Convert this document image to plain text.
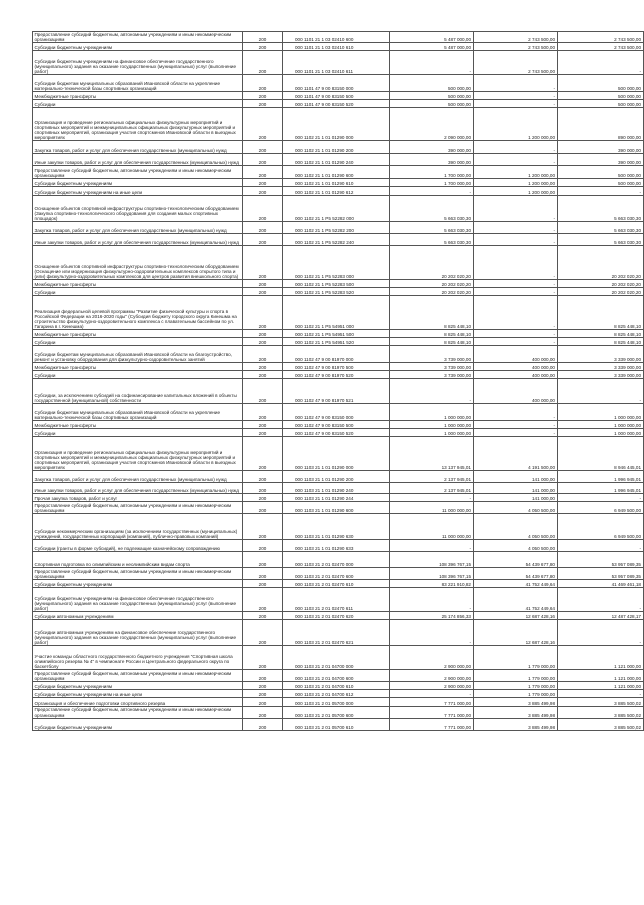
Предоставление субсидий бюджетным, автономным учреждениям и иным некоммерческим организациям	200	000 1101 21 1 03 02410 600	5 487 000,00	2 743 500,00	2 743 500,00
Субсидии бюджетным учреждениям	200	000 1101 21 1 03 02410 610	5 487 000,00	2 743 500,00	2 743 500,00
Субсидии бюджетным учреждениям на финансовое обеспечение государственного (муниципального) задания на оказание государственных (муниципальных) услуг (выполнение работ)	200	000 1101 21 1 03 02410 611	-	2 743 500,00	-
Субсидии бюджетам муниципальных образований Ивановской области на укрепление материально-технической базы спортивных организаций	200	000 1101 47 9 00 83150 000	500 000,00	-	500 000,00
Межбюджетные трансферты	200	000 1101 47 9 00 83150 500	500 000,00	-	500 000,00
Субсидии	200	000 1101 47 9 00 83150 520	500 000,00	-	500 000,00
Организация и проведение региональных официальных физкультурных мероприятий и спортивных мероприятий и межмуниципальных официальных физкультурных мероприятий и спортивных мероприятий, организация участия спортсменов Ивановской области в выездных мероприятиях	200	000 1102 21 1 01 01290 000	2 090 000,00	1 200 000,00	890 000,00
Закупка товаров, работ и услуг для обеспечения государственных (муниципальных) нужд	200	000 1102 21 1 01 01290 200	390 000,00	-	390 000,00
Иные закупки товаров, работ и услуг для обеспечения государственных (муниципальных) нужд	200	000 1102 21 1 01 01290 240	390 000,00	-	390 000,00
Предоставление субсидий бюджетным, автономным учреждениям и иным некоммерческим организациям	200	000 1102 21 1 01 01290 600	1 700 000,00	1 200 000,00	500 000,00
Субсидии бюджетным учреждениям	200	000 1102 21 1 01 01290 610	1 700 000,00	1 200 000,00	500 000,00
Субсидии бюджетным учреждениям на иные цели	200	000 1102 21 1 01 01290 612	-	1 200 000,00	-
Оснащение объектов спортивной инфраструктуры спортивно-технологическим оборудованием (Закупка спортивно-технологического оборудования для создания малых спортивных площадок)	200	000 1102 21 1 P5 52282 000	5 663 030,30	-	5 663 030,30
Закупка товаров, работ и услуг для обеспечения государственных (муниципальных) нужд	200	000 1102 21 1 P5 52282 200	5 663 030,30	-	5 663 030,30
Иные закупки товаров, работ и услуг для обеспечения государственных (муниципальных) нужд	200	000 1102 21 1 P5 52282 240	5 663 030,30	-	5 663 030,30
Оснащение объектов спортивной инфраструктуры спортивно-технологическим оборудованием (Оснащение или модернизация физкультурно-оздоровительных комплексов открытого типа и (или) физкультурно-оздоровительных комплексов для центров развития внешкольного спорта)	200	000 1102 21 1 P5 52283 000	20 202 020,20	-	20 202 020,20
Межбюджетные трансферты	200	000 1102 21 1 P5 52283 500	20 202 020,20	-	20 202 020,20
Субсидии	200	000 1102 21 1 P5 52283 520	20 202 020,20	-	20 202 020,20
Реализация федеральной целевой программы "Развитие физической культуры и спорта в Российской Федерации на 2016-2020 годы" (Субсидия бюджету городского округа Кинешма на строительство физкультурно-оздоровительного комплекса с плавательным бассейном по ул. Гагарина в г. Кинешма)	200	000 1102 21 1 P5 54951 000	8 825 448,10	-	8 825 448,10
Межбюджетные трансферты	200	000 1102 21 1 P5 54951 500	8 825 448,10	-	8 825 448,10
Субсидии	200	000 1102 21 1 P5 54951 520	8 825 448,10	-	8 825 448,10
Субсидии бюджетам муниципальных образований Ивановской области на благоустройство, ремонт и установку оборудования для физкультурно-оздоровительных занятий	200	000 1102 47 9 00 81970 000	3 739 000,00	400 000,00	3 339 000,00
Межбюджетные трансферты	200	000 1102 47 9 00 81970 500	3 739 000,00	400 000,00	3 339 000,00
Субсидии	200	000 1102 47 9 00 81970 520	3 739 000,00	400 000,00	3 339 000,00
Субсидии, за исключением субсидий на софинансирование капитальных вложений в объекты государственной (муниципальной) собственности	200	000 1102 47 9 00 81970 521	-	400 000,00	-
Субсидии бюджетам муниципальных образований Ивановской области на укрепление материально-технической базы спортивных организаций	200	000 1102 47 9 00 83150 000	1 000 000,00	-	1 000 000,00
Межбюджетные трансферты	200	000 1102 47 9 00 83150 500	1 000 000,00	-	1 000 000,00
Субсидии	200	000 1102 47 9 00 83150 520	1 000 000,00	-	1 000 000,00
Организация и проведение региональных официальных физкультурных мероприятий и спортивных мероприятий и межмуниципальных официальных физкультурных мероприятий и спортивных мероприятий, организация участия спортсменов Ивановской области в выездных мероприятиях	200	000 1103 21 1 01 01290 000	13 137 945,01	4 191 500,00	8 946 445,01
Закупка товаров, работ и услуг для обеспечения государственных (муниципальных) нужд	200	000 1103 21 1 01 01290 200	2 137 945,01	141 000,00	1 996 945,01
Иные закупки товаров, работ и услуг для обеспечения государственных (муниципальных) нужд	200	000 1103 21 1 01 01290 240	2 137 945,01	141 000,00	1 996 945,01
Прочая закупка товаров, работ и услуг	200	000 1103 21 1 01 01290 244	-	141 000,00	-
Предоставление субсидий бюджетным, автономным учреждениям и иным некоммерческим организациям	200	000 1103 21 1 01 01290 600	11 000 000,00	4 050 500,00	6 949 500,00
Субсидии некоммерческим организациям (за исключением государственных (муниципальных) учреждений, государственных корпораций (компаний), публично-правовых компаний)	200	000 1103 21 1 01 01290 630	11 000 000,00	4 050 500,00	6 949 500,00
Субсидии (гранты в форме субсидий), не подлежащие казначейскому сопровождению	200	000 1103 21 1 01 01290 633	-	4 050 500,00	-
Спортивная подготовка по олимпийским и неолимпийским видам спорта	200	000 1103 21 2 01 02470 000	108 396 767,15	54 439 677,80	53 957 089,35
Предоставление субсидий бюджетным, автономным учреждениям и иным некоммерческим организациям	200	000 1103 21 2 01 02470 600	108 396 767,15	54 439 677,80	53 957 089,35
Субсидии бюджетным учреждениям	200	000 1103 21 2 01 02470 610	83 221 910,82	41 752 449,64	41 469 461,18
Субсидии бюджетным учреждениям на финансовое обеспечение государственного (муниципального) задания на оказание государственных (муниципальных) услуг (выполнение работ)	200	000 1103 21 2 01 02470 611	-	41 752 449,64	-
Субсидии автономным учреждениям	200	000 1103 21 2 01 02470 620	25 174 856,33	12 687 428,16	12 487 428,17
Субсидии автономным учреждениям на финансовое обеспечение государственного (муниципального) задания на оказание государственных (муниципальных) услуг (выполнение работ)	200	000 1103 21 2 01 02470 621	-	12 687 428,16	-
Участие команды областного государственного бюджетного учреждения "Спортивная школа олимпийского резерва № 4" в чемпионате России и Центрального федерального округа по баскетболу	200	000 1103 21 2 01 04700 000	2 900 000,00	1 779 000,00	1 121 000,00
Предоставление субсидий бюджетным, автономным учреждениям и иным некоммерческим организациям	200	000 1103 21 2 01 04700 600	2 900 000,00	1 779 000,00	1 121 000,00
Субсидии бюджетным учреждениям	200	000 1103 21 2 01 04700 610	2 900 000,00	1 779 000,00	1 121 000,00
Субсидии бюджетным учреждениям на иные цели	200	000 1103 21 2 01 04700 612	-	1 779 000,00	-
Организация и обеспечение подготовки спортивного резерва	200	000 1103 21 2 01 05700 000	7 771 000,00	3 885 499,98	3 885 500,02
Предоставление субсидий бюджетным, автономным учреждениям и иным некоммерческим организациям	200	000 1103 21 2 01 05700 600	7 771 000,00	3 885 499,98	3 885 500,02
Субсидии бюджетным учреждениям	200	000 1103 21 2 01 05700 610	7 771 000,00	3 885 499,98	3 885 500,02
